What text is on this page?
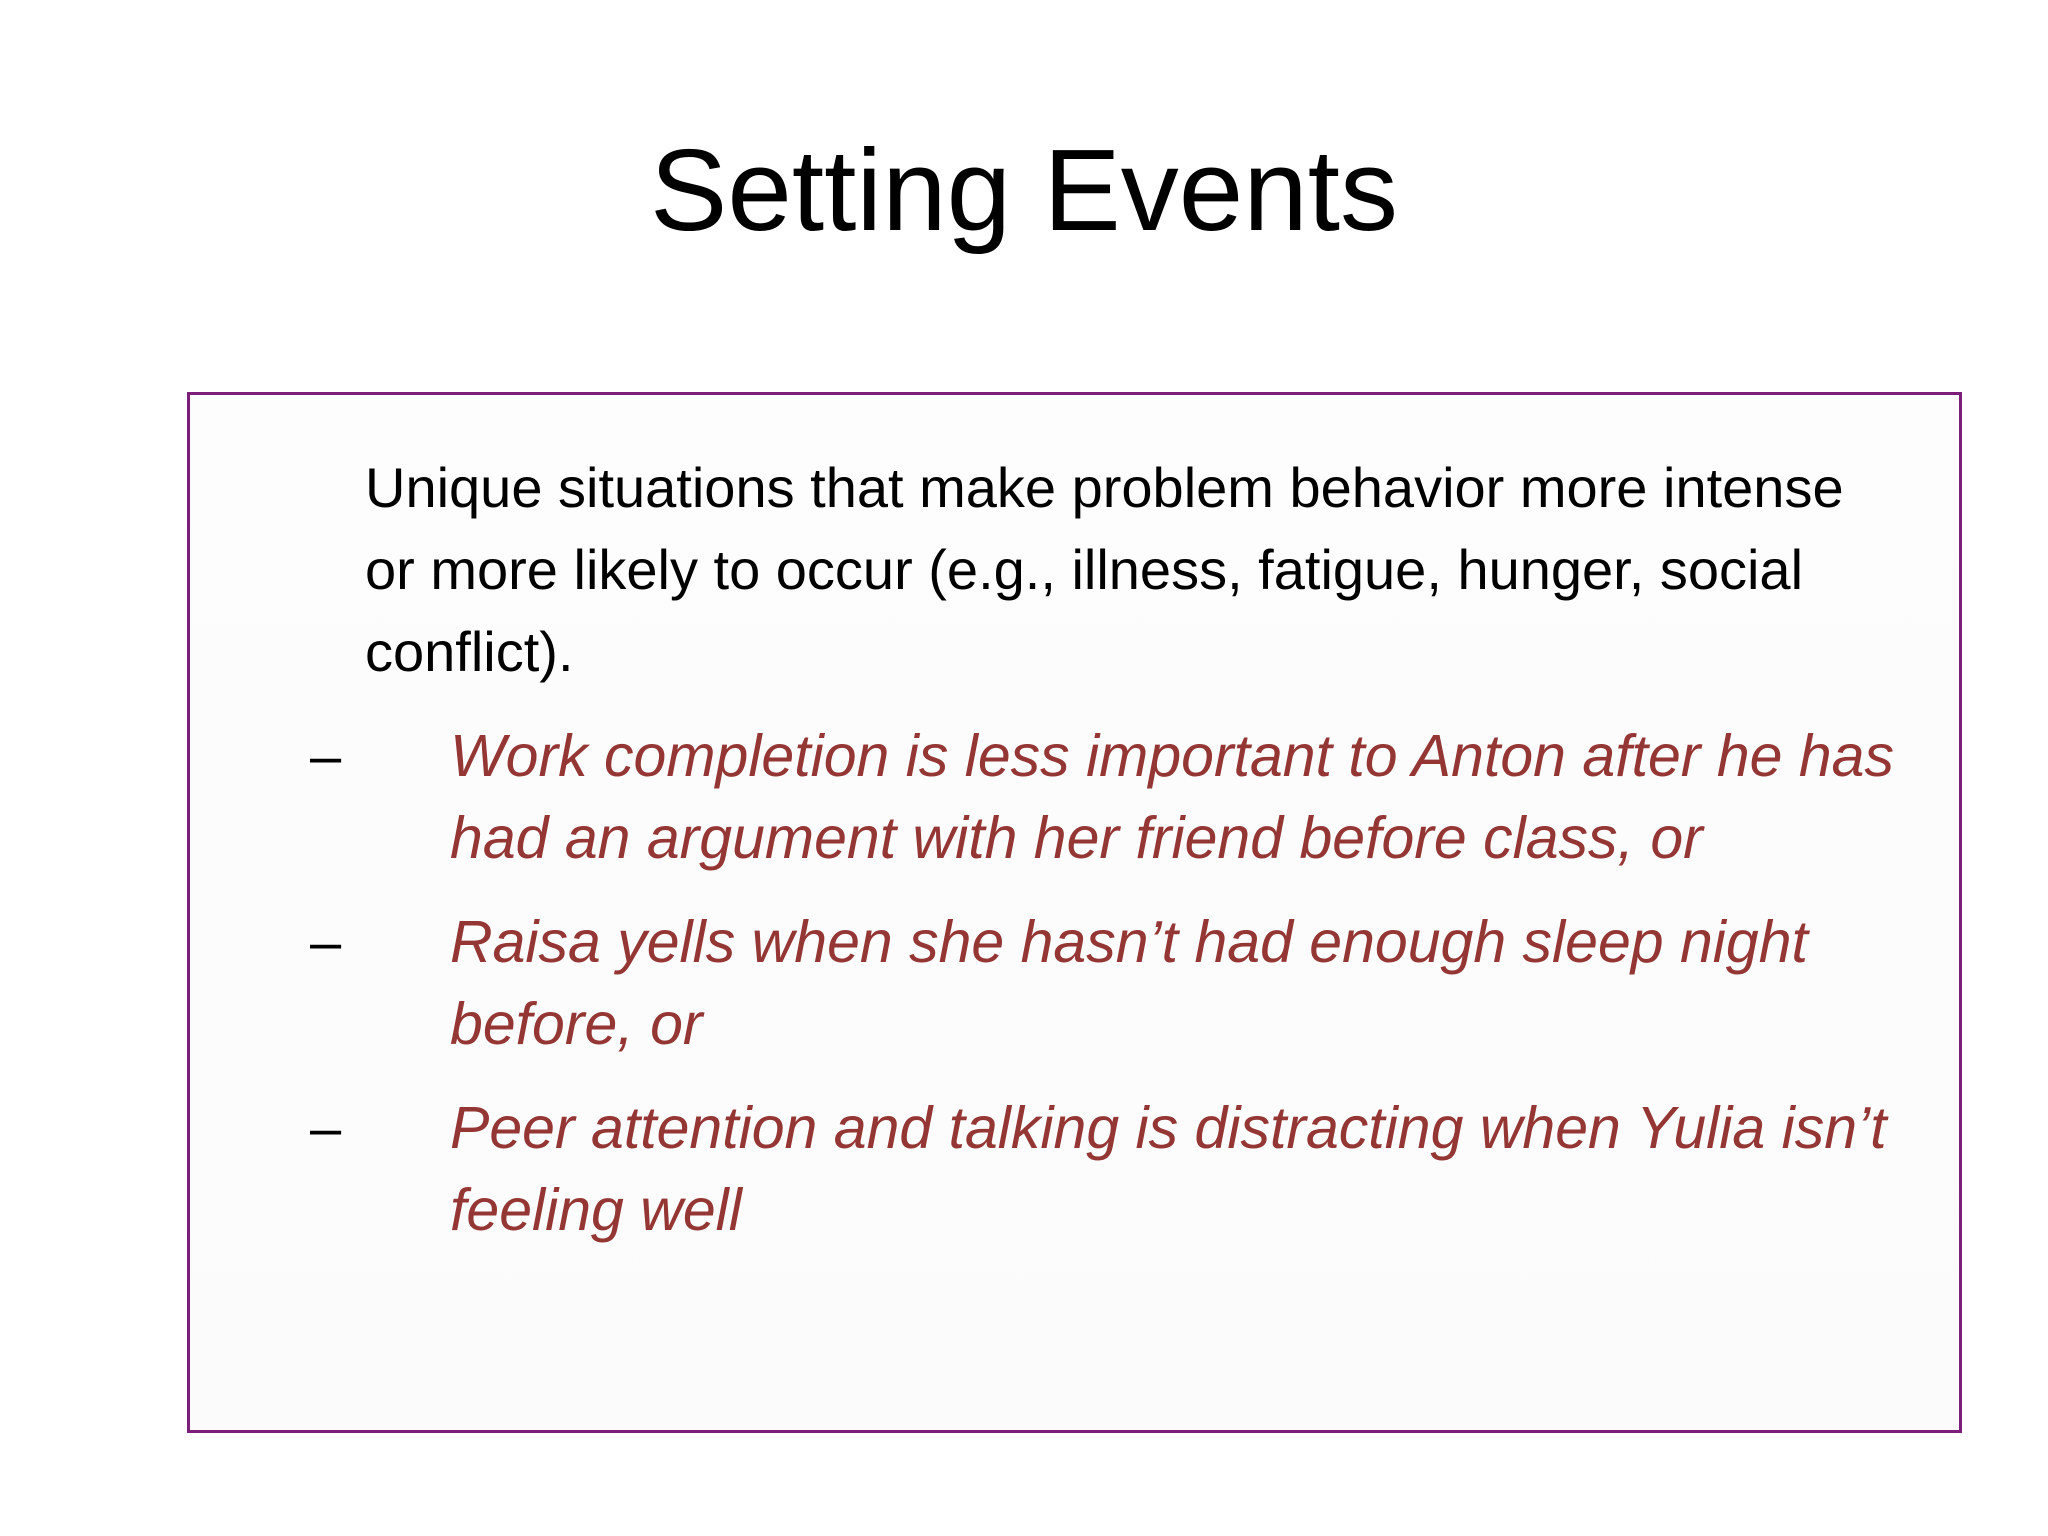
Setting Events

Unique situations that make problem behavior more intense or more likely to occur (e.g., illness, fatigue, hunger, social conflict).

– Work completion is less important to Anton after he has had an argument with her friend before class, or
– Raisa yells when she hasn’t had enough sleep night before, or
– Peer attention and talking is distracting when Yulia isn’t feeling well
